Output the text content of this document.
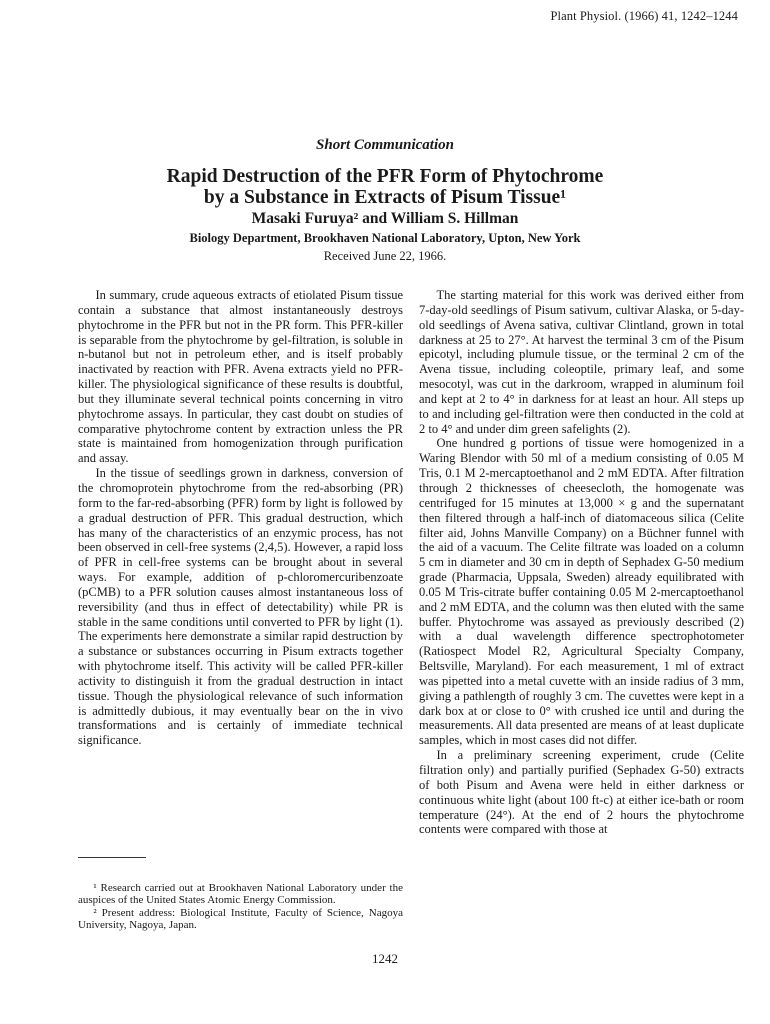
Plant Physiol. (1966) 41, 1242–1244
Short Communication
Rapid Destruction of the PFR Form of Phytochrome
by a Substance in Extracts of Pisum Tissue¹
Masaki Furuya² and William S. Hillman
Biology Department, Brookhaven National Laboratory, Upton, New York
Received June 22, 1966.

In summary, crude aqueous extracts of etiolated Pisum tissue contain a substance that almost instantaneously destroys phytochrome in the PFR but not in the PR form. This PFR-killer is separable from the phytochrome by gel-filtration, is soluble in n-butanol but not in petroleum ether, and is itself probably inactivated by reaction with PFR. Avena extracts yield no PFR-killer. The physiological significance of these results is doubtful, but they illuminate several technical points concerning in vitro phytochrome assays. In particular, they cast doubt on studies of comparative phytochrome content by extraction unless the PR state is maintained from homogenization through purification and assay.

In the tissue of seedlings grown in darkness, conversion of the chromoprotein phytochrome from the red-absorbing (PR) form to the far-red-absorbing (PFR) form by light is followed by a gradual destruction of PFR. This gradual destruction, which has many of the characteristics of an enzymic process, has not been observed in cell-free systems (2,4,5). However, a rapid loss of PFR in cell-free systems can be brought about in several ways. For example, addition of p-chloromercuribenzoate (pCMB) to a PFR solution causes almost instantaneous loss of reversibility (and thus in effect of detectability) while PR is stable in the same conditions until converted to PFR by light (1). The experiments here demonstrate a similar rapid destruction by a substance or substances occurring in Pisum extracts together with phytochrome itself. This activity will be called PFR-killer activity to distinguish it from the gradual destruction in intact tissue. Though the physiological relevance of such information is admittedly dubious, it may eventually bear on the in vivo transformations and is certainly of immediate technical significance.

The starting material for this work was derived either from 7-day-old seedlings of Pisum sativum, cultivar Alaska, or 5-day-old seedlings of Avena sativa, cultivar Clintland, grown in total darkness at 25 to 27°. At harvest the terminal 3 cm of the Pisum epicotyl, including plumule tissue, or the terminal 2 cm of the Avena tissue, including coleoptile, primary leaf, and some mesocotyl, was cut in the darkroom, wrapped in aluminum foil and kept at 2 to 4° in darkness for at least an hour. All steps up to and including gel-filtration were then conducted in the cold at 2 to 4° and under dim green safelights (2).

One hundred g portions of tissue were homogenized in a Waring Blendor with 50 ml of a medium consisting of 0.05 M Tris, 0.1 M 2-mercaptoethanol and 2 mM EDTA. After filtration through 2 thicknesses of cheesecloth, the homogenate was centrifuged for 15 minutes at 13,000 × g and the supernatant then filtered through a half-inch of diatomaceous silica (Celite filter aid, Johns Manville Company) on a Büchner funnel with the aid of a vacuum. The Celite filtrate was loaded on a column 5 cm in diameter and 30 cm in depth of Sephadex G-50 medium grade (Pharmacia, Uppsala, Sweden) already equilibrated with 0.05 M Tris-citrate buffer containing 0.05 M 2-mercaptoethanol and 2 mM EDTA, and the column was then eluted with the same buffer. Phytochrome was assayed as previously described (2) with a dual wavelength difference spectrophotometer (Ratiospect Model R2, Agricultural Specialty Company, Beltsville, Maryland). For each measurement, 1 ml of extract was pipetted into a metal cuvette with an inside radius of 3 mm, giving a pathlength of roughly 3 cm. The cuvettes were kept in a dark box at or close to 0° with crushed ice until and during the measurements. All data presented are means of at least duplicate samples, which in most cases did not differ.

In a preliminary screening experiment, crude (Celite filtration only) and partially purified (Sephadex G-50) extracts of both Pisum and Avena were held in either darkness or continuous white light (about 100 ft-c) at either ice-bath or room temperature (24°). At the end of 2 hours the phytochrome contents were compared with those at

¹ Research carried out at Brookhaven National Laboratory under the auspices of the United States Atomic Energy Commission.

² Present address: Biological Institute, Faculty of Science, Nagoya University, Nagoya, Japan.

1242
